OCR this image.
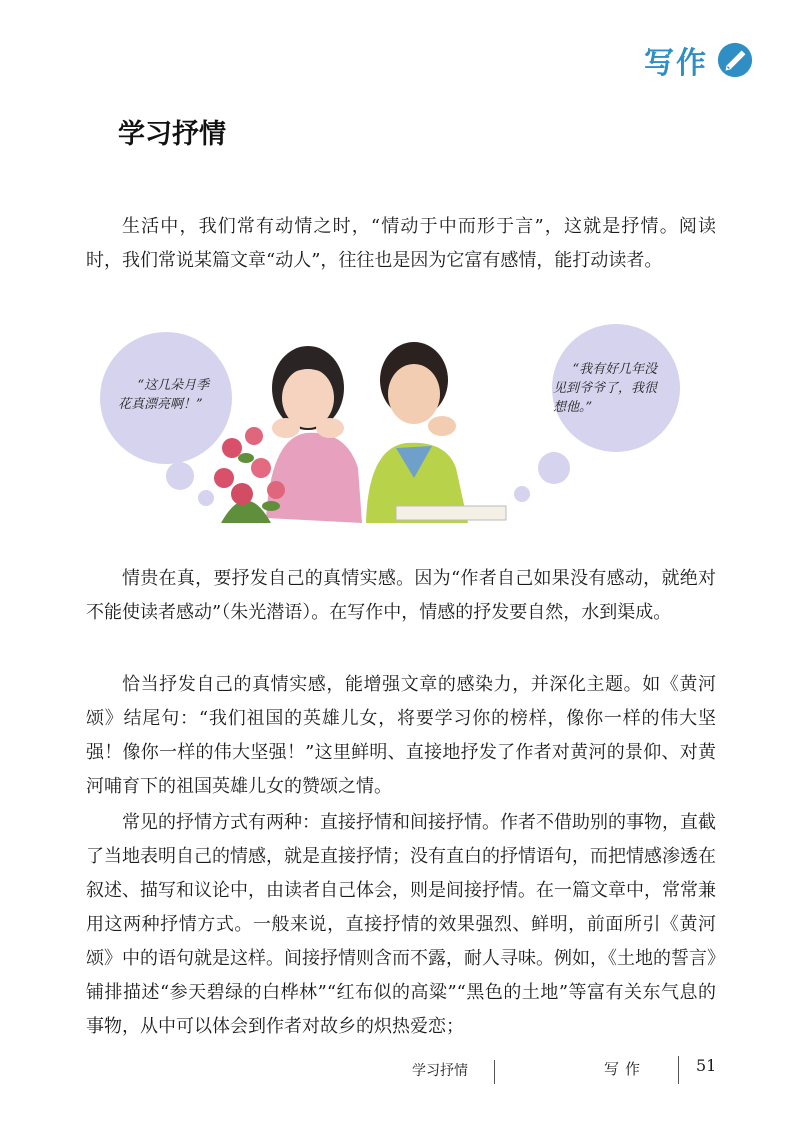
写作
学习抒情

生活中，我们常有动情之时，“情动于中而形于言”，这就是抒情。阅读时，我们常说某篇文章“动人”，往往也是因为它富有感情，能打动读者。

“这几朵月季花真漂亮啊！”
“我有好几年没见到爷爷了，我很想他。”

情贵在真，要抒发自己的真情实感。因为“作者自己如果没有感动，就绝对不能使读者感动”（朱光潜语）。在写作中，情感的抒发要自然，水到渠成。

恰当抒发自己的真情实感，能增强文章的感染力，并深化主题。如《黄河颂》结尾句：“我们祖国的英雄儿女，将要学习你的榜样，像你一样的伟大坚强！像你一样的伟大坚强！”这里鲜明、直接地抒发了作者对黄河的景仰、对黄河哺育下的祖国英雄儿女的赞颂之情。

常见的抒情方式有两种：直接抒情和间接抒情。作者不借助别的事物，直截了当地表明自己的情感，就是直接抒情；没有直白的抒情语句，而把情感渗透在叙述、描写和议论中，由读者自己体会，则是间接抒情。在一篇文章中，常常兼用这两种抒情方式。一般来说，直接抒情的效果强烈、鲜明，前面所引《黄河颂》中的语句就是这样。间接抒情则含而不露，耐人寻味。例如，《土地的誓言》铺排描述“参天碧绿的白桦林”“红布似的高粱”“黑色的土地”等富有关东气息的事物，从中可以体会到作者对故乡的炽热爱恋；

学习抒情	写作	51
